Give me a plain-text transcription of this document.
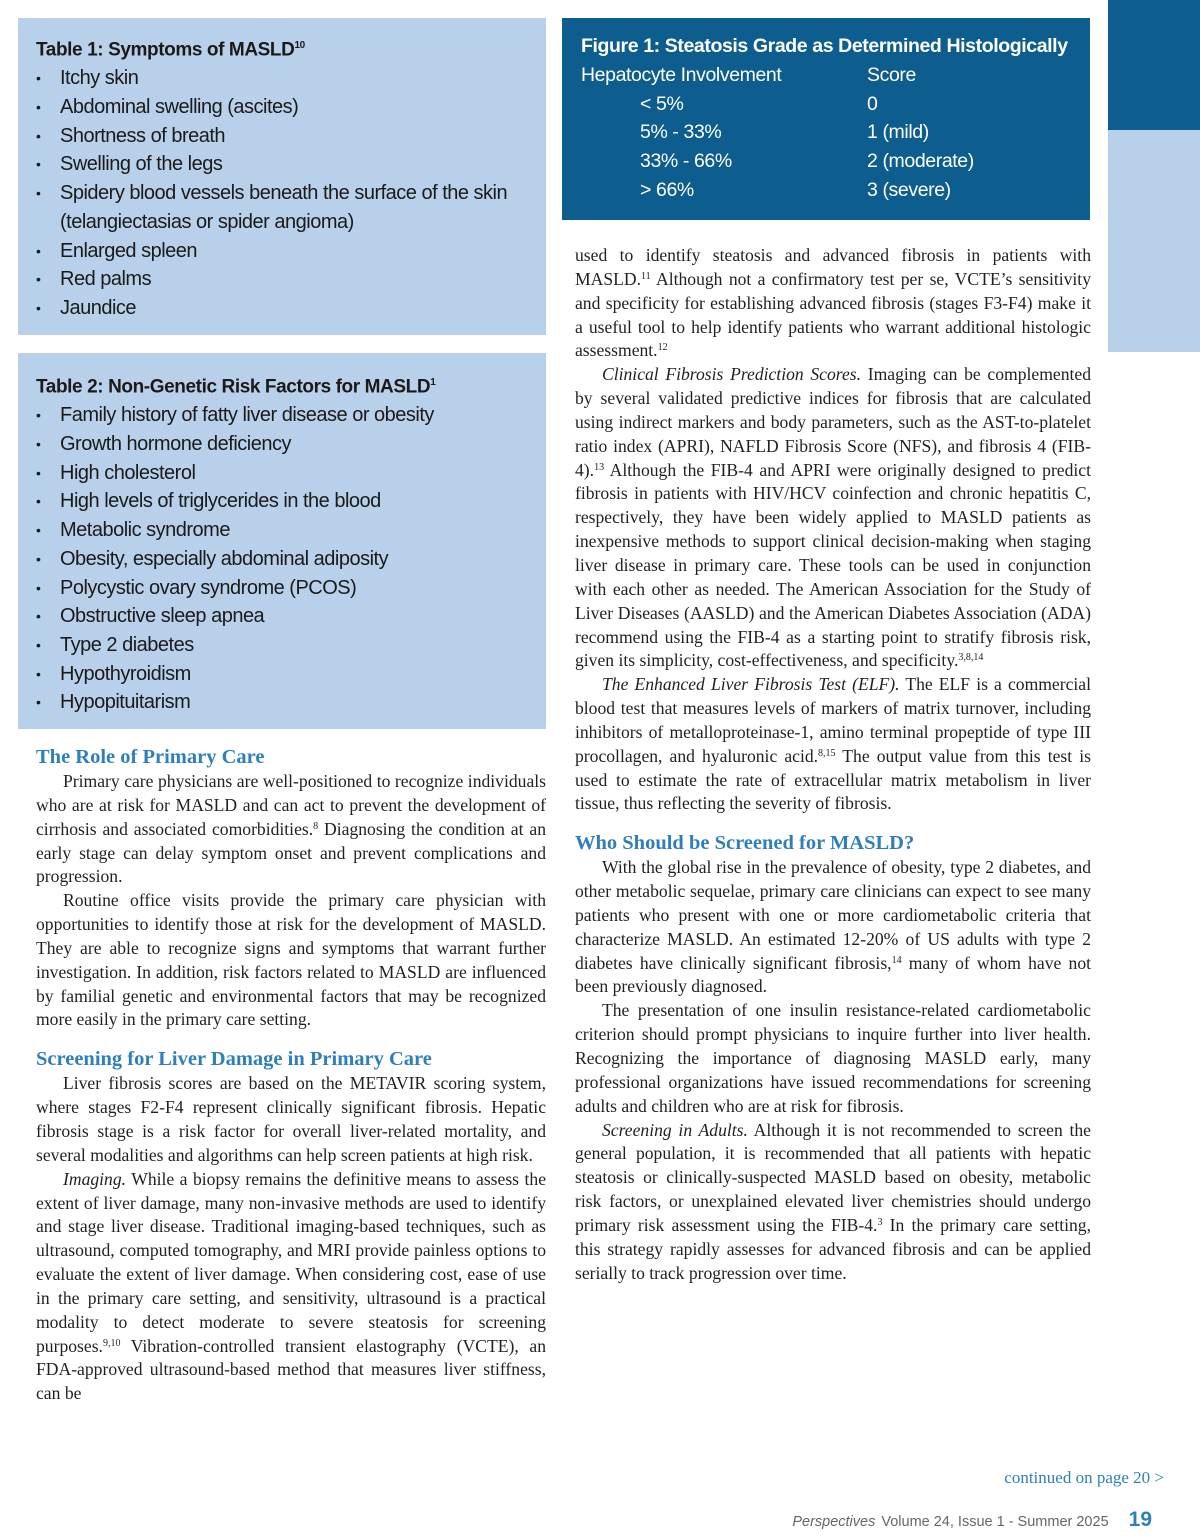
Table 1: Symptoms of MASLD$^{10}$
• Itchy skin
• Abdominal swelling (ascites)
• Shortness of breath
• Swelling of the legs
• Spidery blood vessels beneath the surface of the skin
(telangiectasias or spider angioma)
• Enlarged spleen
• Red palms
• Jaundice
Table 2: Non-Genetic Risk Factors for MASLD$^1$
• Family history of fatty liver disease or obesity
• Growth hormone deficiency
• High cholesterol
• High levels of triglycerides in the blood
• Metabolic syndrome
• Obesity, especially abdominal adiposity
• Polycystic ovary syndrome (PCOS)
• Obstructive sleep apnea
• Type 2 diabetes
• Hypothyroidism
• Hypopituitarism
Figure 1: Steatosis Grade as Determined Histologically
Hepatocyte Involvement	Score
< 5%	0
5% - 33%	1 (mild)
33% - 66%	2 (moderate)
> 66%	3 (severe)
The Role of Primary Care

Primary care physicians are well-positioned to recognize individuals who are at risk for MASLD and can act to prevent the development of cirrhosis and associated comorbidities.$^8$ Diagnosing the condition at an early stage can delay symptom onset and prevent complications and progression.

Routine office visits provide the primary care physician with opportunities to identify those at risk for the development of MASLD. They are able to recognize signs and symptoms that warrant further investigation. In addition, risk factors related to MASLD are influenced by familial genetic and environmental factors that may be recognized more easily in the primary care setting.

Screening for Liver Damage in Primary Care

Liver fibrosis scores are based on the METAVIR scoring system, where stages F2-F4 represent clinically significant fibrosis. Hepatic fibrosis stage is a risk factor for overall liver-related mortality, and several modalities and algorithms can help screen patients at high risk.

Imaging. While a biopsy remains the definitive means to assess the extent of liver damage, many non-invasive methods are used to identify and stage liver disease. Traditional imaging-based techniques, such as ultrasound, computed tomography, and MRI provide painless options to evaluate the extent of liver damage. When considering cost, ease of use in the primary care setting, and sensitivity, ultrasound is a practical modality to detect moderate to severe steatosis for screening purposes.$^{9,10}$ Vibration-controlled transient elastography (VCTE), an FDA-approved ultrasound-based method that measures liver stiffness, can be

used to identify steatosis and advanced fibrosis in patients with MASLD.$^{11}$ Although not a confirmatory test per se, VCTE’s sensitivity and specificity for establishing advanced fibrosis (stages F3-F4) make it a useful tool to help identify patients who warrant additional histologic assessment.$^{12}$

Clinical Fibrosis Prediction Scores. Imaging can be complemented by several validated predictive indices for fibrosis that are calculated using indirect markers and body parameters, such as the AST-to-platelet ratio index (APRI), NAFLD Fibrosis Score (NFS), and fibrosis 4 (FIB-4).$^{13}$ Although the FIB-4 and APRI were originally designed to predict fibrosis in patients with HIV/HCV coinfection and chronic hepatitis C, respectively, they have been widely applied to MASLD patients as inexpensive methods to support clinical decision-making when staging liver disease in primary care. These tools can be used in conjunction with each other as needed. The American Association for the Study of Liver Diseases (AASLD) and the American Diabetes Association (ADA) recommend using the FIB-4 as a starting point to stratify fibrosis risk, given its simplicity, cost-effectiveness, and specificity.$^{3,8,14}$

The Enhanced Liver Fibrosis Test (ELF). The ELF is a commercial blood test that measures levels of markers of matrix turnover, including inhibitors of metalloproteinase-1, amino terminal propeptide of type III procollagen, and hyaluronic acid.$^{8,15}$ The output value from this test is used to estimate the rate of extracellular matrix metabolism in liver tissue, thus reflecting the severity of fibrosis.

Who Should be Screened for MASLD?

With the global rise in the prevalence of obesity, type 2 diabetes, and other metabolic sequelae, primary care clinicians can expect to see many patients who present with one or more cardiometabolic criteria that characterize MASLD. An estimated 12-20% of US adults with type 2 diabetes have clinically significant fibrosis,$^{14}$ many of whom have not been previously diagnosed.

The presentation of one insulin resistance-related cardiometabolic criterion should prompt physicians to inquire further into liver health. Recognizing the importance of diagnosing MASLD early, many professional organizations have issued recommendations for screening adults and children who are at risk for fibrosis.

Screening in Adults. Although it is not recommended to screen the general population, it is recommended that all patients with hepatic steatosis or clinically-suspected MASLD based on obesity, metabolic risk factors, or unexplained elevated liver chemistries should undergo primary risk assessment using the FIB-4.$^3$ In the primary care setting, this strategy rapidly assesses for advanced fibrosis and can be applied serially to track progression over time.

continued on page 20 >
Perspectives Volume 24, Issue 1 - Summer 2025 19
